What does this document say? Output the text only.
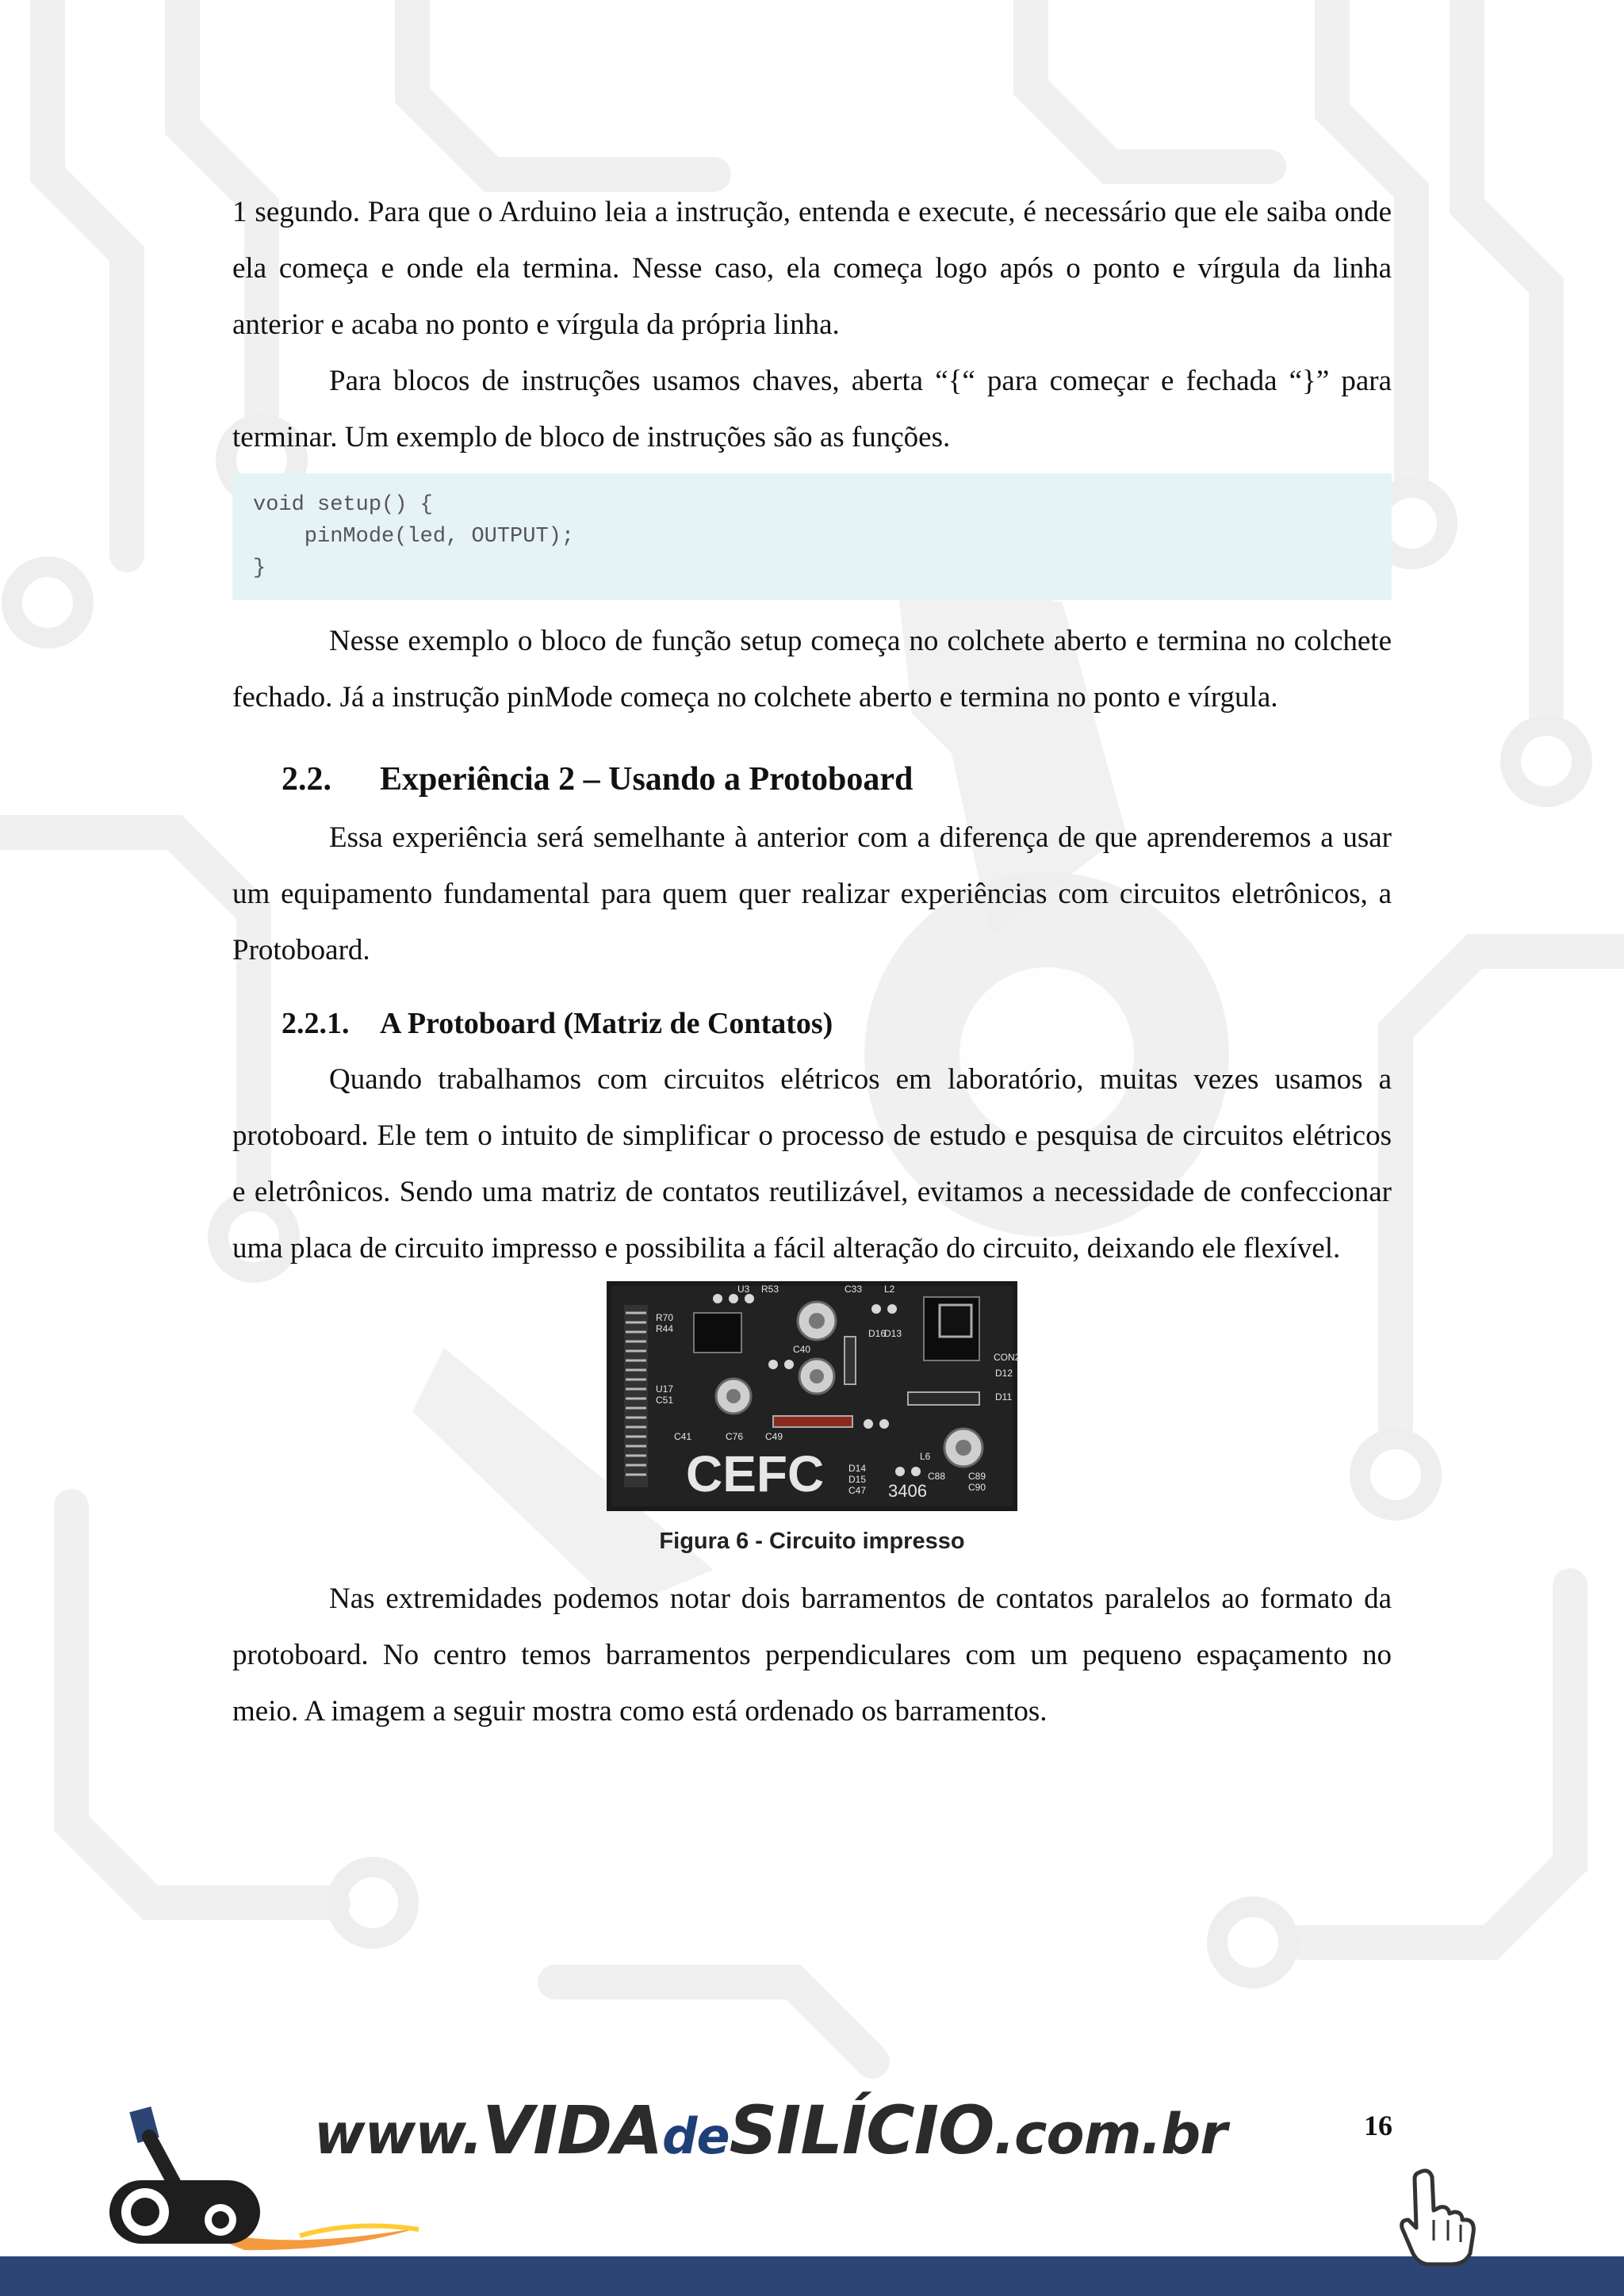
1 segundo. Para que o Arduino leia a instrução, entenda e execute, é necessário que ele saiba onde ela começa e onde ela termina. Nesse caso, ela começa logo após o ponto e vírgula da linha anterior e acaba no ponto e vírgula da própria linha.

Para blocos de instruções usamos chaves, aberta “{“ para começar e fechada “}” para terminar. Um exemplo de bloco de instruções são as funções.

void setup() {
pinMode(led, OUTPUT);
}

Nesse exemplo o bloco de função setup começa no colchete aberto e termina no colchete fechado. Já a instrução pinMode começa no colchete aberto e termina no ponto e vírgula.

2.2. Experiência 2 – Usando a Protoboard

Essa experiência será semelhante à anterior com a diferença de que aprenderemos a usar um equipamento fundamental para quem quer realizar experiências com circuitos eletrônicos, a Protoboard.

2.2.1. A Protoboard (Matriz de Contatos)

Quando trabalhamos com circuitos elétricos em laboratório, muitas vezes usamos a protoboard. Ele tem o intuito de simplificar o processo de estudo e pesquisa de circuitos elétricos e eletrônicos. Sendo uma matriz de contatos reutilizável, evitamos a necessidade de confeccionar uma placa de circuito impresso e possibilita a fácil alteração do circuito, deixando ele flexível.

U3 R53	C33 L2
R70
R44
C40
D16
D13
CON2
U17
C51
C76 C49
D12
D11
C41
L6
D14
D15
C47
C88 C89
C90
3406
CEFC
Figura 6 - Circuito impresso

Nas extremidades podemos notar dois barramentos de contatos paralelos ao formato da protoboard. No centro temos barramentos perpendiculares com um pequeno espaçamento no meio. A imagem a seguir mostra como está ordenado os barramentos.

16
www.VIDAdeSILÍCIO.com.br
